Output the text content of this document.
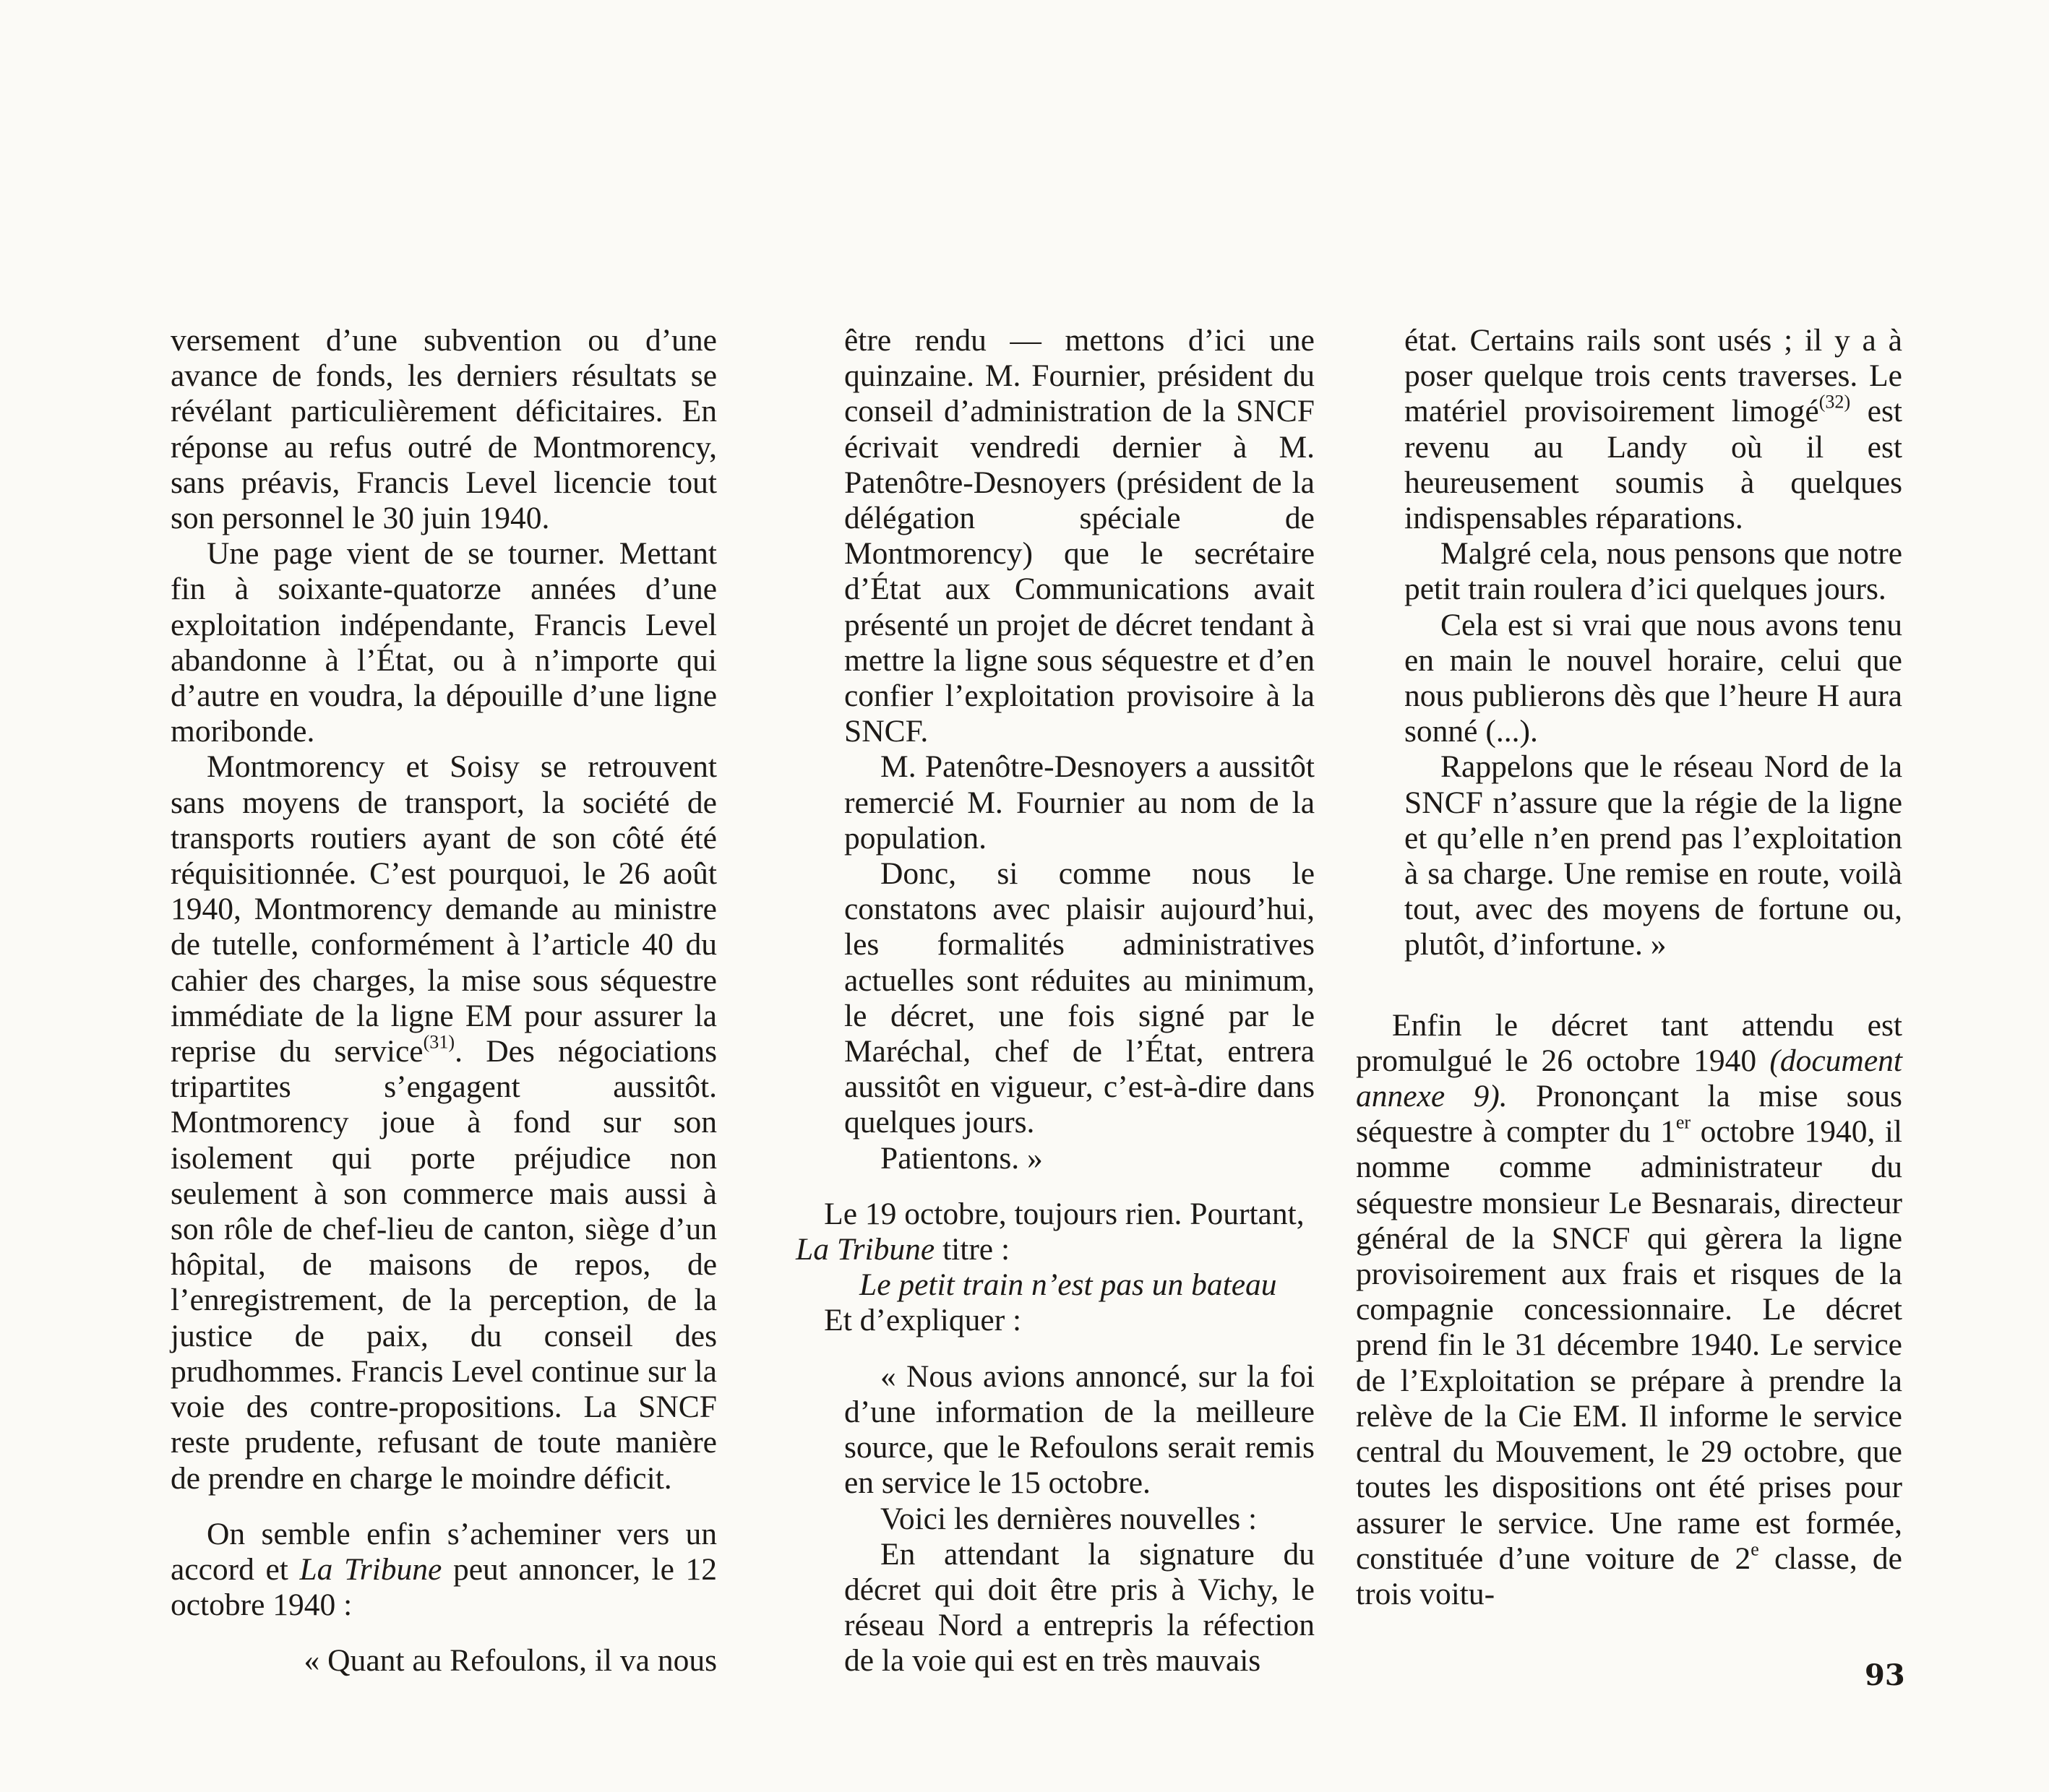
versement d’une subvention ou d’une avance de fonds, les derniers résultats se révélant particulièrement déficitaires. En réponse au refus outré de Montmorency, sans préavis, Francis Level licencie tout son personnel le 30 juin 1940.

Une page vient de se tourner. Mettant fin à soixante-quatorze années d’une exploitation indépendante, Francis Level abandonne à l’État, ou à n’importe qui d’autre en voudra, la dépouille d’une ligne moribonde.

Montmorency et Soisy se retrouvent sans moyens de transport, la société de transports routiers ayant de son côté été réquisitionnée. C’est pourquoi, le 26 août 1940, Montmorency demande au ministre de tutelle, conformément à l’article 40 du cahier des charges, la mise sous séquestre immédiate de la ligne EM pour assurer la reprise du service$^{(31)}$. Des négociations tripartites s’engagent aussitôt. Montmorency joue à fond sur son isolement qui porte préjudice non seulement à son commerce mais aussi à son rôle de chef-lieu de canton, siège d’un hôpital, de maisons de repos, de l’enregistrement, de la perception, de la justice de paix, du conseil des prudhommes. Francis Level continue sur la voie des contre-propositions. La SNCF reste prudente, refusant de toute manière de prendre en charge le moindre déficit.

On semble enfin s’acheminer vers un accord et La Tribune peut annoncer, le 12 octobre 1940 :

« Quant au Refoulons, il va nous

être rendu — mettons d’ici une quinzaine. M. Fournier, président du conseil d’administration de la SNCF écrivait vendredi dernier à M. Patenôtre-Desnoyers (président de la délégation spéciale de Montmorency) que le secrétaire d’État aux Communications avait présenté un projet de décret tendant à mettre la ligne sous séquestre et d’en confier l’exploitation provisoire à la SNCF.

M. Patenôtre-Desnoyers a aussitôt remercié M. Fournier au nom de la population.

Donc, si comme nous le constatons avec plaisir aujourd’hui, les formalités administratives actuelles sont réduites au minimum, le décret, une fois signé par le Maréchal, chef de l’État, entrera aussitôt en vigueur, c’est-à-dire dans quelques jours.

Patientons. »

Le 19 octobre, toujours rien. Pourtant,

La Tribune titre :

Le petit train n’est pas un bateau

Et d’expliquer :

« Nous avions annoncé, sur la foi d’une information de la meilleure source, que le Refoulons serait remis en service le 15 octobre.

Voici les dernières nouvelles :

En attendant la signature du décret qui doit être pris à Vichy, le réseau Nord a entrepris la réfection de la voie qui est en très mauvais

état. Certains rails sont usés ; il y a à poser quelque trois cents traverses. Le matériel provisoirement limogé$^{(32)}$ est revenu au Landy où il est heureusement soumis à quelques indispensables réparations.

Malgré cela, nous pensons que notre petit train roulera d’ici quelques jours.

Cela est si vrai que nous avons tenu en main le nouvel horaire, celui que nous publierons dès que l’heure H aura sonné (...).

Rappelons que le réseau Nord de la SNCF n’assure que la régie de la ligne et qu’elle n’en prend pas l’exploitation à sa charge. Une remise en route, voilà tout, avec des moyens de fortune ou, plutôt, d’infortune. »

Enfin le décret tant attendu est promulgué le 26 octobre 1940 (document annexe 9). Prononçant la mise sous séquestre à compter du 1er octobre 1940, il nomme comme administrateur du séquestre monsieur Le Besnarais, directeur général de la SNCF qui gèrera la ligne provisoirement aux frais et risques de la compagnie concessionnaire. Le décret prend fin le 31 décembre 1940. Le service de l’Exploitation se prépare à prendre la relève de la Cie EM. Il informe le service central du Mouvement, le 29 octobre, que toutes les dispositions ont été prises pour assurer le service. Une rame est formée, constituée d’une voiture de 2e classe, de trois voitu-

93
